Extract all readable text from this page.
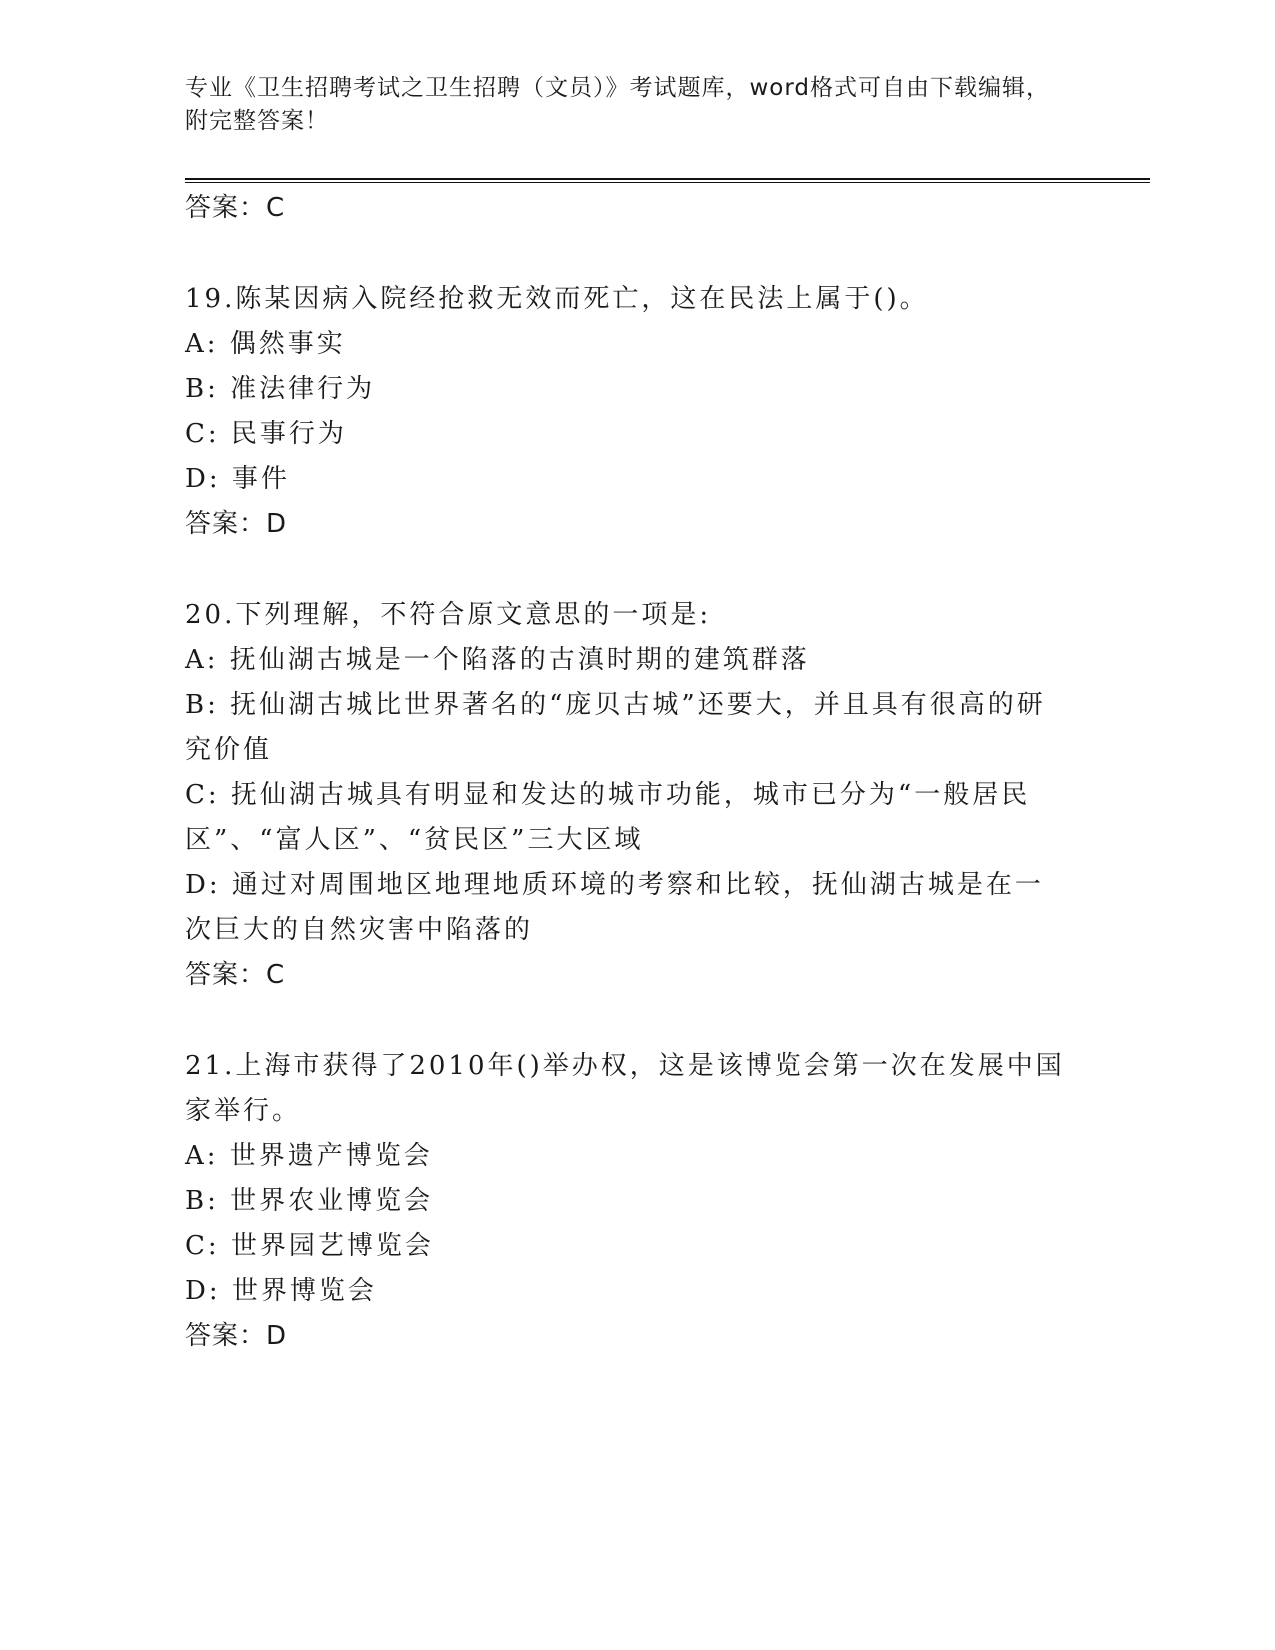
专业《卫生招聘考试之卫生招聘（文员）》考试题库，word格式可自由下载编辑，附完整答案！
答案：C
19.陈某因病入院经抢救无效而死亡，这在民法上属于()。
A: 偶然事实
B: 准法律行为
C: 民事行为
D: 事件
答案：D
20.下列理解，不符合原文意思的一项是:
A: 抚仙湖古城是一个陷落的古滇时期的建筑群落
B: 抚仙湖古城比世界著名的“庞贝古城”还要大，并且具有很高的研究价值
C: 抚仙湖古城具有明显和发达的城市功能，城市已分为“一般居民区”、“富人区”、“贫民区”三大区域
D: 通过对周围地区地理地质环境的考察和比较，抚仙湖古城是在一次巨大的自然灾害中陷落的
答案：C
21.上海市获得了2010年()举办权，这是该博览会第一次在发展中国家举行。
A: 世界遗产博览会
B: 世界农业博览会
C: 世界园艺博览会
D: 世界博览会
答案：D
